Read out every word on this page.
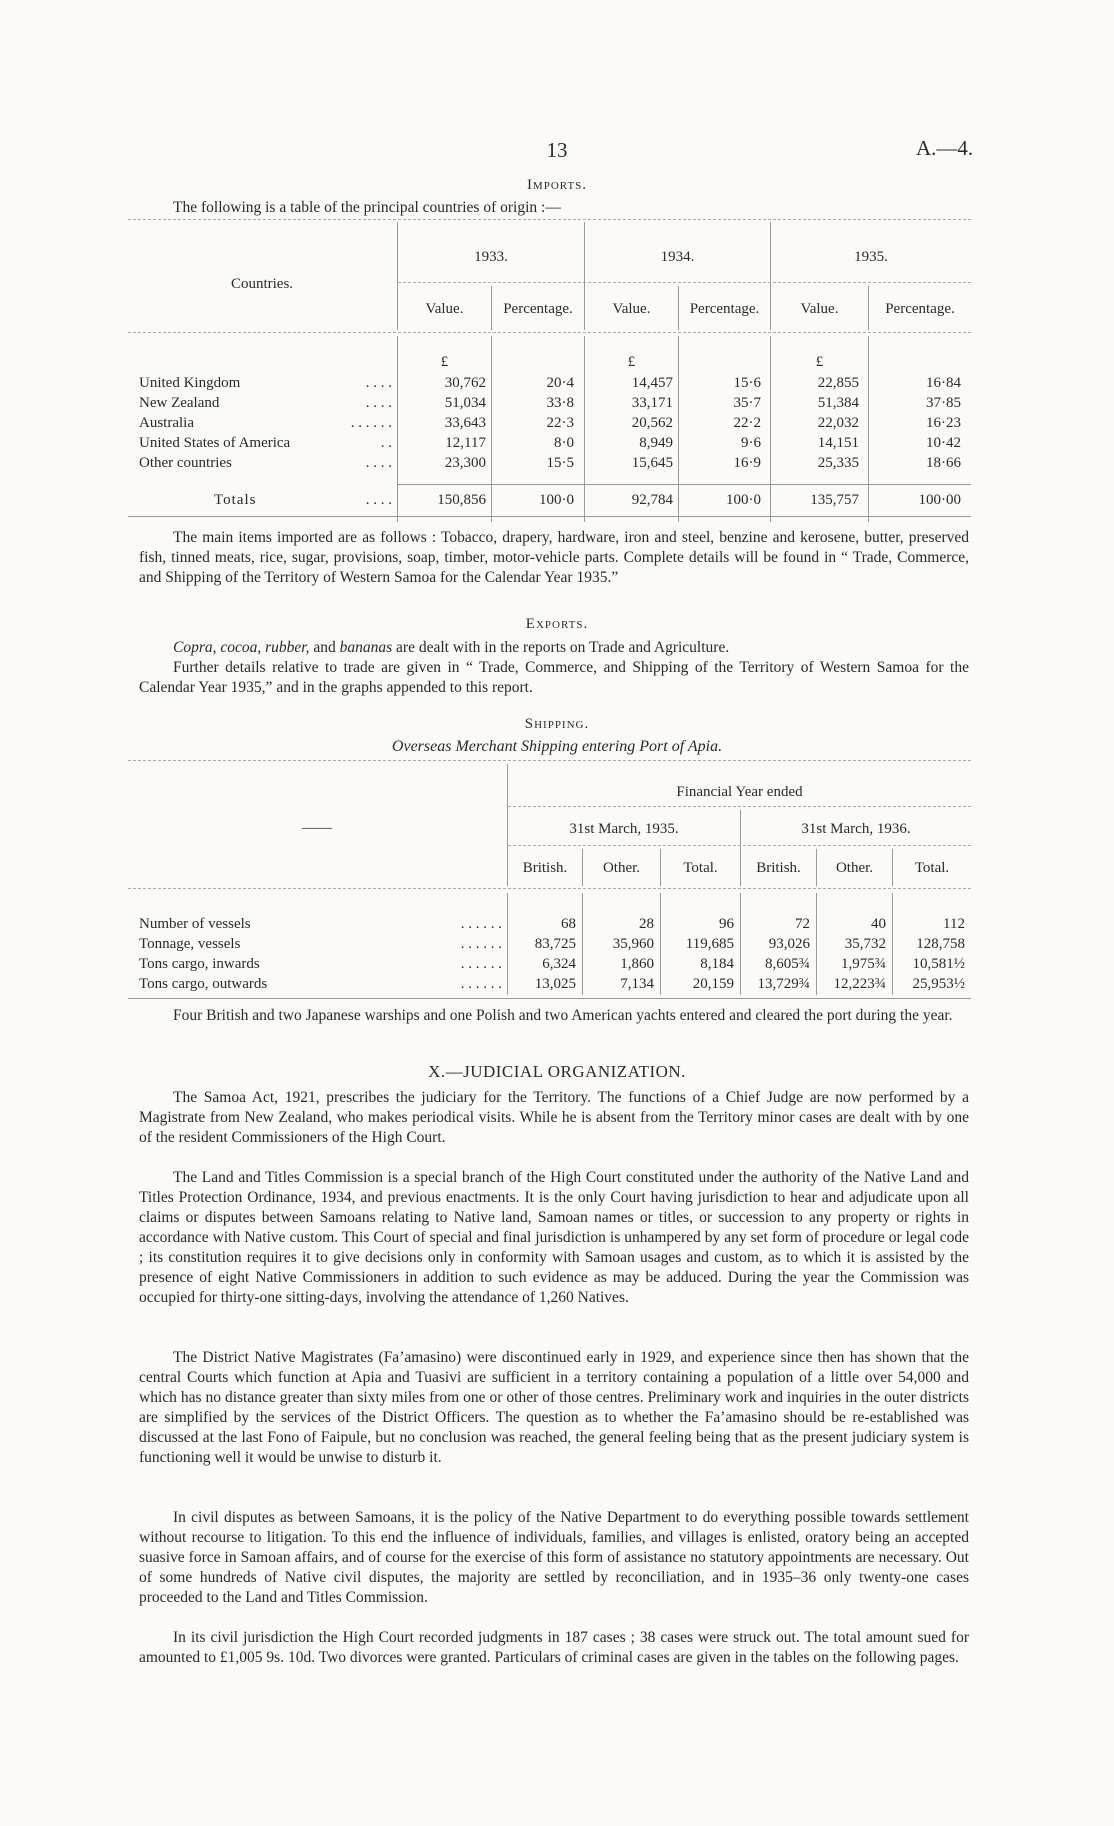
13	A.—4.
Imports.
The following is a table of the principal countries of origin :—
1933.	1934.	1935.
Countries.
Value.	Percentage.	Value.	Percentage.	Value.	Percentage.
£	£	£
United Kingdom	. . . .	30,762	20·4	14,457	15·6	22,855	16·84
New Zealand	. . . .	51,034	33·8	33,171	35·7	51,384	37·85
Australia	. . . . . .	33,643	22·3	20,562	22·2	22,032	16·23
United States of America	. .	12,117	8·0	8,949	9·6	14,151	10·42
Other countries	. . . .	23,300	15·5	15,645	16·9	25,335	18·66
Totals	. . . .	150,856	100·0	92,784	100·0	135,757	100·00
The main items imported are as follows : Tobacco, drapery, hardware, iron and steel, benzine and kerosene, butter, preserved fish, tinned meats, rice, sugar, provisions, soap, timber, motor-vehicle parts. Complete details will be found in “ Trade, Commerce, and Shipping of the Territory of Western Samoa for the Calendar Year 1935.”
Exports.
Copra, cocoa, rubber, and bananas are dealt with in the reports on Trade and Agriculture.
Further details relative to trade are given in “ Trade, Commerce, and Shipping of the Territory of Western Samoa for the Calendar Year 1935,” and in the graphs appended to this report.
Shipping.
Overseas Merchant Shipping entering Port of Apia.
Financial Year ended
——	31st March, 1935.	31st March, 1936.
British.	Other.	Total.	British.	Other.	Total.
Number of vessels	. . . . . .	68	28	96	72	40	112
Tonnage, vessels	. . . . . .	83,725	35,960	119,685	93,026	35,732	128,758
Tons cargo, inwards	. . . . . .	6,324	1,860	8,184	8,605¾	1,975¾	10,581½
Tons cargo, outwards	. . . . . .	13,025	7,134	20,159	13,729¾	12,223¾	25,953½
Four British and two Japanese warships and one Polish and two American yachts entered and cleared the port during the year.
X.—JUDICIAL ORGANIZATION.
The Samoa Act, 1921, prescribes the judiciary for the Territory. The functions of a Chief Judge are now performed by a Magistrate from New Zealand, who makes periodical visits. While he is absent from the Territory minor cases are dealt with by one of the resident Commissioners of the High Court.
The Land and Titles Commission is a special branch of the High Court constituted under the authority of the Native Land and Titles Protection Ordinance, 1934, and previous enactments. It is the only Court having jurisdiction to hear and adjudicate upon all claims or disputes between Samoans relating to Native land, Samoan names or titles, or succession to any property or rights in accordance with Native custom. This Court of special and final jurisdiction is unhampered by any set form of procedure or legal code ; its constitution requires it to give decisions only in conformity with Samoan usages and custom, as to which it is assisted by the presence of eight Native Commissioners in addition to such evidence as may be adduced. During the year the Commission was occupied for thirty-one sitting-days, involving the attendance of 1,260 Natives.
The District Native Magistrates (Fa’amasino) were discontinued early in 1929, and experience since then has shown that the central Courts which function at Apia and Tuasivi are sufficient in a territory containing a population of a little over 54,000 and which has no distance greater than sixty miles from one or other of those centres. Preliminary work and inquiries in the outer districts are simplified by the services of the District Officers. The question as to whether the Fa’amasino should be re-established was discussed at the last Fono of Faipule, but no conclusion was reached, the general feeling being that as the present judiciary system is functioning well it would be unwise to disturb it.
In civil disputes as between Samoans, it is the policy of the Native Department to do everything possible towards settlement without recourse to litigation. To this end the influence of individuals, families, and villages is enlisted, oratory being an accepted suasive force in Samoan affairs, and of course for the exercise of this form of assistance no statutory appointments are necessary. Out of some hundreds of Native civil disputes, the majority are settled by reconciliation, and in 1935–36 only twenty-one cases proceeded to the Land and Titles Commission.
In its civil jurisdiction the High Court recorded judgments in 187 cases ; 38 cases were struck out. The total amount sued for amounted to £1,005 9s. 10d. Two divorces were granted. Particulars of criminal cases are given in the tables on the following pages.
